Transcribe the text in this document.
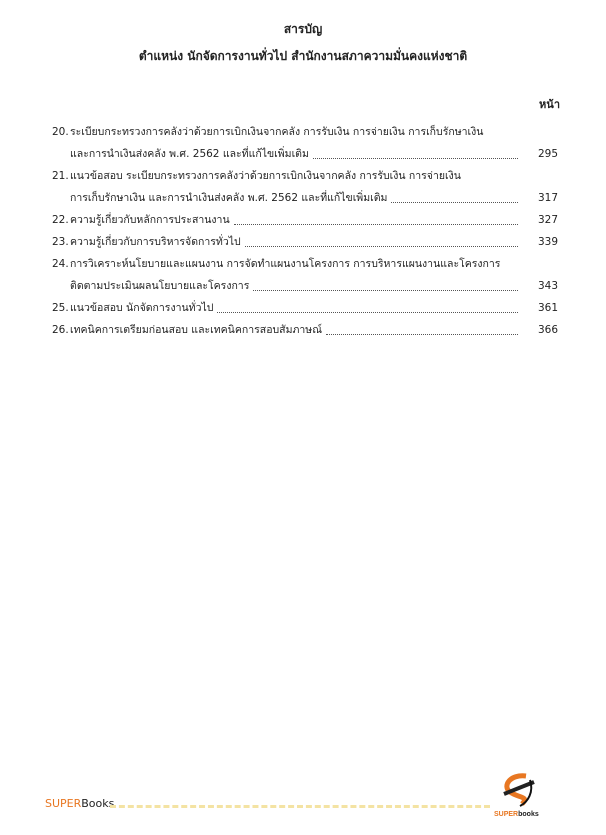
สารบัญ
ตำแหน่ง นักจัดการงานทั่วไป สำนักงานสภาความมั่นคงแห่งชาติ
หน้า
20. ระเบียบกระทรวงการคลังว่าด้วยการเบิกเงินจากคลัง การรับเงิน การจ่ายเงิน การเก็บรักษาเงิน
และการนำเงินส่งคลัง พ.ศ. 2562 และที่แก้ไขเพิ่มเติม	295
21. แนวข้อสอบ ระเบียบกระทรวงการคลังว่าด้วยการเบิกเงินจากคลัง การรับเงิน การจ่ายเงิน
การเก็บรักษาเงิน และการนำเงินส่งคลัง พ.ศ. 2562 และที่แก้ไขเพิ่มเติม	317
22. ความรู้เกี่ยวกับหลักการประสานงาน	327
23. ความรู้เกี่ยวกับการบริหารจัดการทั่วไป	339
24. การวิเคราะห์นโยบายและแผนงาน การจัดทำแผนงานโครงการ การบริหารแผนงานและโครงการ
ติดตามประเมินผลนโยบายและโครงการ	343
25. แนวข้อสอบ นักจัดการงานทั่วไป	361
26. เทคนิคการเตรียมก่อนสอบ และเทคนิคการสอบสัมภาษณ์	366
SUPERBooks
SUPERbooks
